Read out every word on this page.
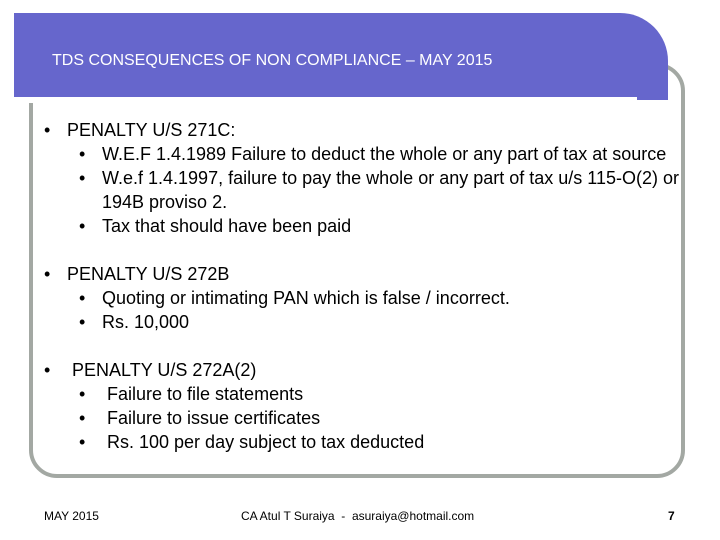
TDS CONSEQUENCES OF NON COMPLIANCE – MAY 2015
• PENALTY U/S 271C:
• W.E.F 1.4.1989 Failure to deduct the whole or any part of tax at source
• W.e.f 1.4.1997, failure to pay the whole or any part of tax u/s 115-O(2) or 194B proviso 2.
• Tax that should have been paid
• PENALTY U/S 272B
• Quoting or intimating PAN which is false / incorrect.
• Rs. 10,000
• PENALTY U/S 272A(2)
• Failure to file statements
• Failure to issue certificates
• Rs. 100 per day subject to tax deducted
MAY 2015	CA Atul T Suraiya  -  asuraiya@hotmail.com	7
